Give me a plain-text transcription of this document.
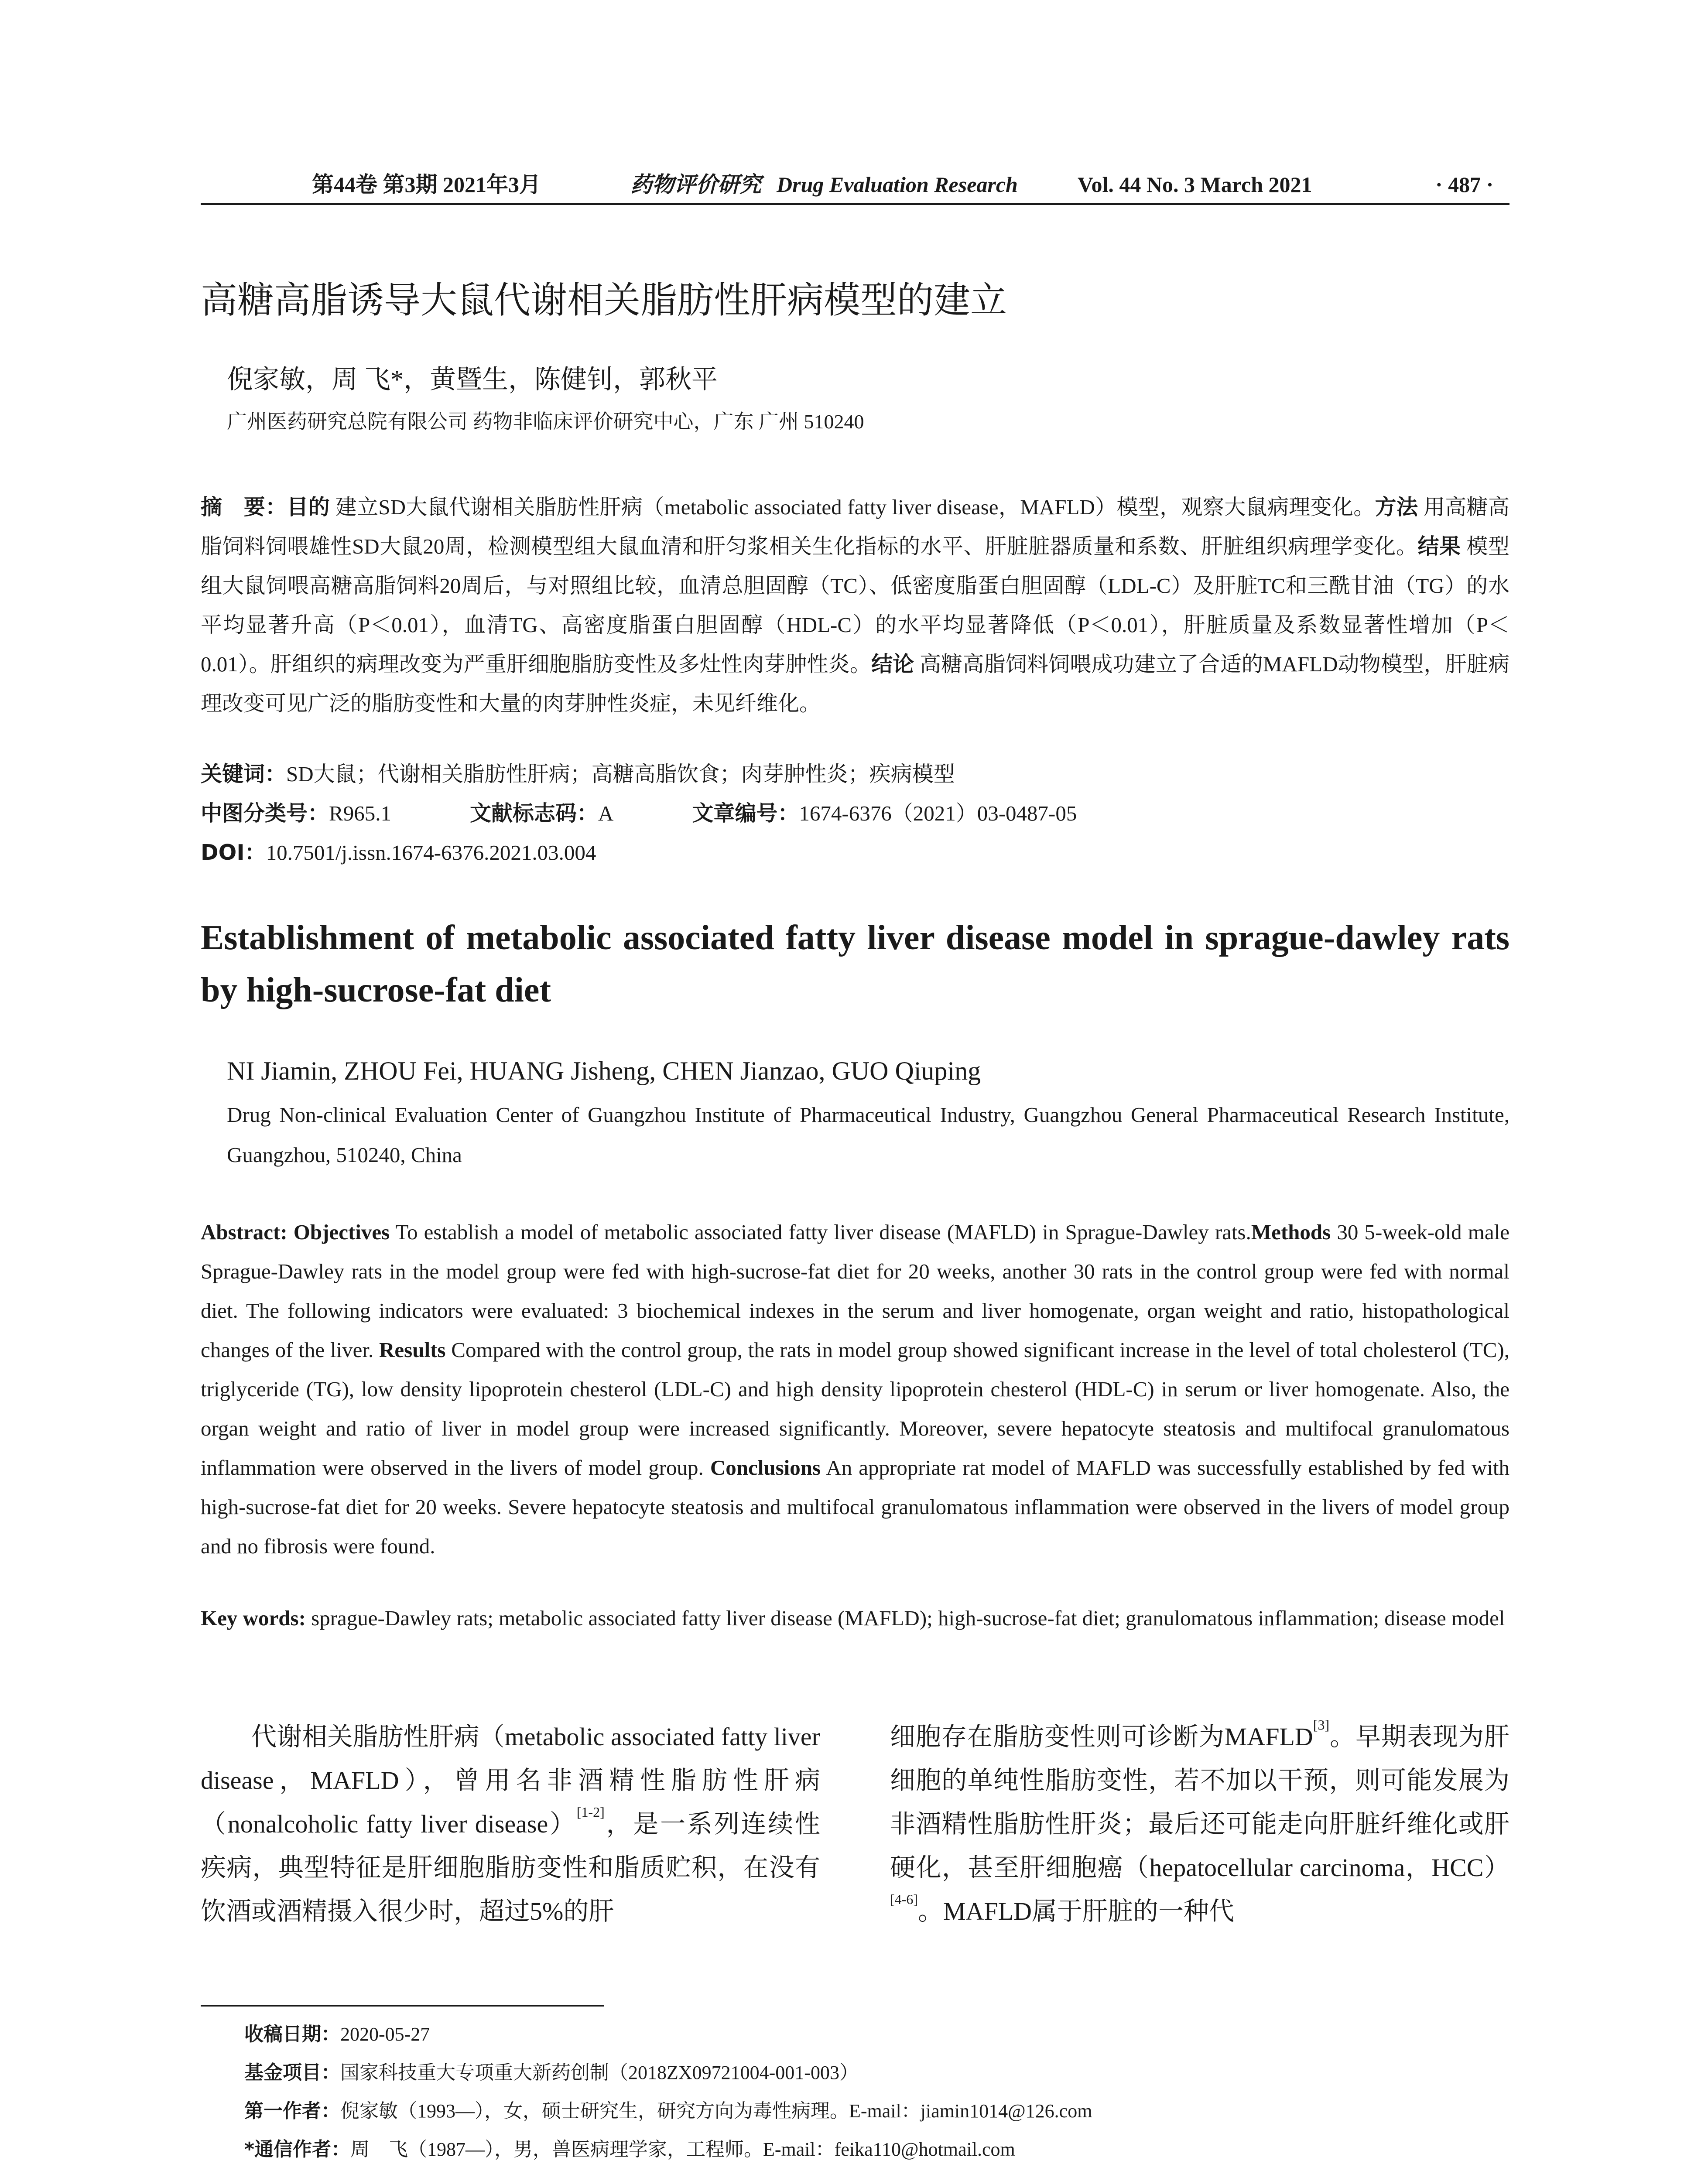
第44卷 第3期 2021年3月	药物评价研究 Drug Evaluation Research	Vol. 44 No. 3 March 2021	· 487 ·
高糖高脂诱导大鼠代谢相关脂肪性肝病模型的建立
倪家敏，周 飞*，黄暨生，陈健钊，郭秋平
广州医药研究总院有限公司 药物非临床评价研究中心，广东 广州 510240
摘　要：目的 建立SD大鼠代谢相关脂肪性肝病（metabolic associated fatty liver disease，MAFLD）模型，观察大鼠病理变化。方法 用高糖高脂饲料饲喂雄性SD大鼠20周，检测模型组大鼠血清和肝匀浆相关生化指标的水平、肝脏脏器质量和系数、肝脏组织病理学变化。结果 模型组大鼠饲喂高糖高脂饲料20周后，与对照组比较，血清总胆固醇（TC）、低密度脂蛋白胆固醇（LDL-C）及肝脏TC和三酰甘油（TG）的水平均显著升高（P＜0.01），血清TG、高密度脂蛋白胆固醇（HDL-C）的水平均显著降低（P＜0.01），肝脏质量及系数显著性增加（P＜0.01）。肝组织的病理改变为严重肝细胞脂肪变性及多灶性肉芽肿性炎。结论 高糖高脂饲料饲喂成功建立了合适的MAFLD动物模型，肝脏病理改变可见广泛的脂肪变性和大量的肉芽肿性炎症，未见纤维化。
关键词：SD大鼠；代谢相关脂肪性肝病；高糖高脂饮食；肉芽肿性炎；疾病模型
中图分类号：R965.1	文献标志码：A	文章编号：1674-6376（2021）03-0487-05
DOI：10.7501/j.issn.1674-6376.2021.03.004
Establishment of metabolic associated fatty liver disease model in sprague-dawley rats by high-sucrose-fat diet
NI Jiamin, ZHOU Fei, HUANG Jisheng, CHEN Jianzao, GUO Qiuping
Drug Non-clinical Evaluation Center of Guangzhou Institute of Pharmaceutical Industry, Guangzhou General Pharmaceutical Research Institute, Guangzhou, 510240, China
Abstract: Objectives To establish a model of metabolic associated fatty liver disease (MAFLD) in Sprague-Dawley rats.Methods 30 5-week-old male Sprague-Dawley rats in the model group were fed with high-sucrose-fat diet for 20 weeks, another 30 rats in the control group were fed with normal diet. The following indicators were evaluated: 3 biochemical indexes in the serum and liver homogenate, organ weight and ratio, histopathological changes of the liver. Results Compared with the control group, the rats in model group showed significant increase in the level of total cholesterol (TC), triglyceride (TG), low density lipoprotein chesterol (LDL-C) and high density lipoprotein chesterol (HDL-C) in serum or liver homogenate. Also, the organ weight and ratio of liver in model group were increased significantly. Moreover, severe hepatocyte steatosis and multifocal granulomatous inflammation were observed in the livers of model group. Conclusions An appropriate rat model of MAFLD was successfully established by fed with high-sucrose-fat diet for 20 weeks. Severe hepatocyte steatosis and multifocal granulomatous inflammation were observed in the livers of model group and no fibrosis were found.
Key words: sprague-Dawley rats; metabolic associated fatty liver disease (MAFLD); high-sucrose-fat diet; granulomatous inflammation; disease model
代谢相关脂肪性肝病（metabolic associated fatty liver disease，MAFLD），曾用名非酒精性脂肪性肝病（nonalcoholic fatty liver disease）[1-2]，是一系列连续性疾病，典型特征是肝细胞脂肪变性和脂质贮积，在没有饮酒或酒精摄入很少时，超过5%的肝
细胞存在脂肪变性则可诊断为MAFLD[3]。早期表现为肝细胞的单纯性脂肪变性，若不加以干预，则可能发展为非酒精性脂肪性肝炎；最后还可能走向肝脏纤维化或肝硬化，甚至肝细胞癌（hepatocellular carcinoma，HCC）[4-6]。MAFLD属于肝脏的一种代
收稿日期：2020-05-27
基金项目：国家科技重大专项重大新药创制（2018ZX09721004-001-003）
第一作者：倪家敏（1993—），女，硕士研究生，研究方向为毒性病理。E-mail：jiamin1014@126.com
*通信作者：周　飞（1987—），男，兽医病理学家，工程师。E-mail：feika110@hotmail.com
